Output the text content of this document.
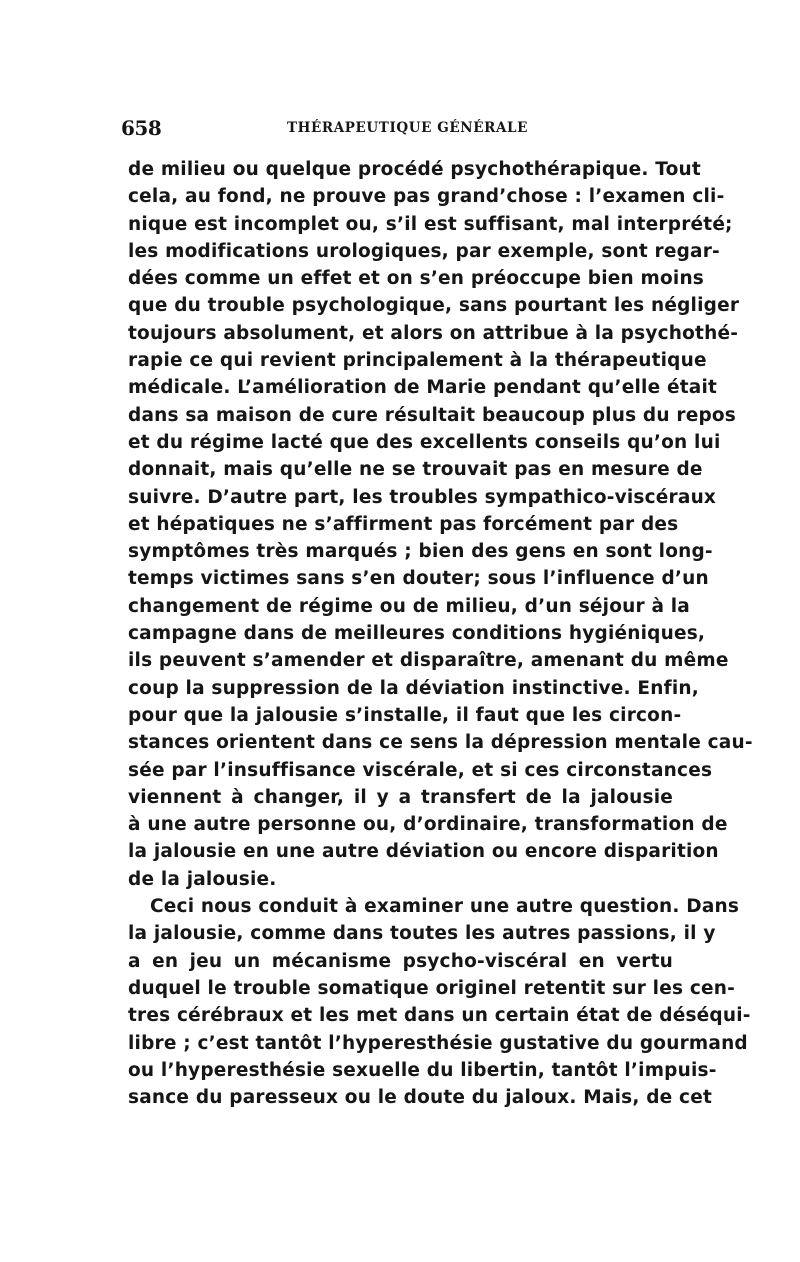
658	THÉRAPEUTIQUE GÉNÉRALE
de milieu ou quelque procédé psychothérapique. Tout
cela, au fond, ne prouve pas grand’chose : l’examen cli-
nique est incomplet ou, s’il est suffisant, mal interprété;
les modifications urologiques, par exemple, sont regar-
dées comme un effet et on s’en préoccupe bien moins
que du trouble psychologique, sans pourtant les négliger
toujours absolument, et alors on attribue à la psychothé-
rapie ce qui revient principalement à la thérapeutique
médicale. L’amélioration de Marie pendant qu’elle était
dans sa maison de cure résultait beaucoup plus du repos
et du régime lacté que des excellents conseils qu’on lui
donnait, mais qu’elle ne se trouvait pas en mesure de
suivre. D’autre part, les troubles sympathico-viscéraux
et hépatiques ne s’affirment pas forcément par des
symptômes très marqués ; bien des gens en sont long-
temps victimes sans s’en douter; sous l’influence d’un
changement de régime ou de milieu, d’un séjour à la
campagne dans de meilleures conditions hygiéniques,
ils peuvent s’amender et disparaître, amenant du même
coup la suppression de la déviation instinctive. Enfin,
pour que la jalousie s’installe, il faut que les circon-
stances orientent dans ce sens la dépression mentale cau-
sée par l’insuffisance viscérale, et si ces circonstances
viennent à changer, il y a transfert de la jalousie
à une autre personne ou, d’ordinaire, transformation de
la jalousie en une autre déviation ou encore disparition
de la jalousie.
Ceci nous conduit à examiner une autre question. Dans
la jalousie, comme dans toutes les autres passions, il y
a en jeu un mécanisme psycho-viscéral en vertu
duquel le trouble somatique originel retentit sur les cen-
tres cérébraux et les met dans un certain état de déséqui-
libre ; c’est tantôt l’hyperesthésie gustative du gourmand
ou l’hyperesthésie sexuelle du libertin, tantôt l’impuis-
sance du paresseux ou le doute du jaloux. Mais, de cet
